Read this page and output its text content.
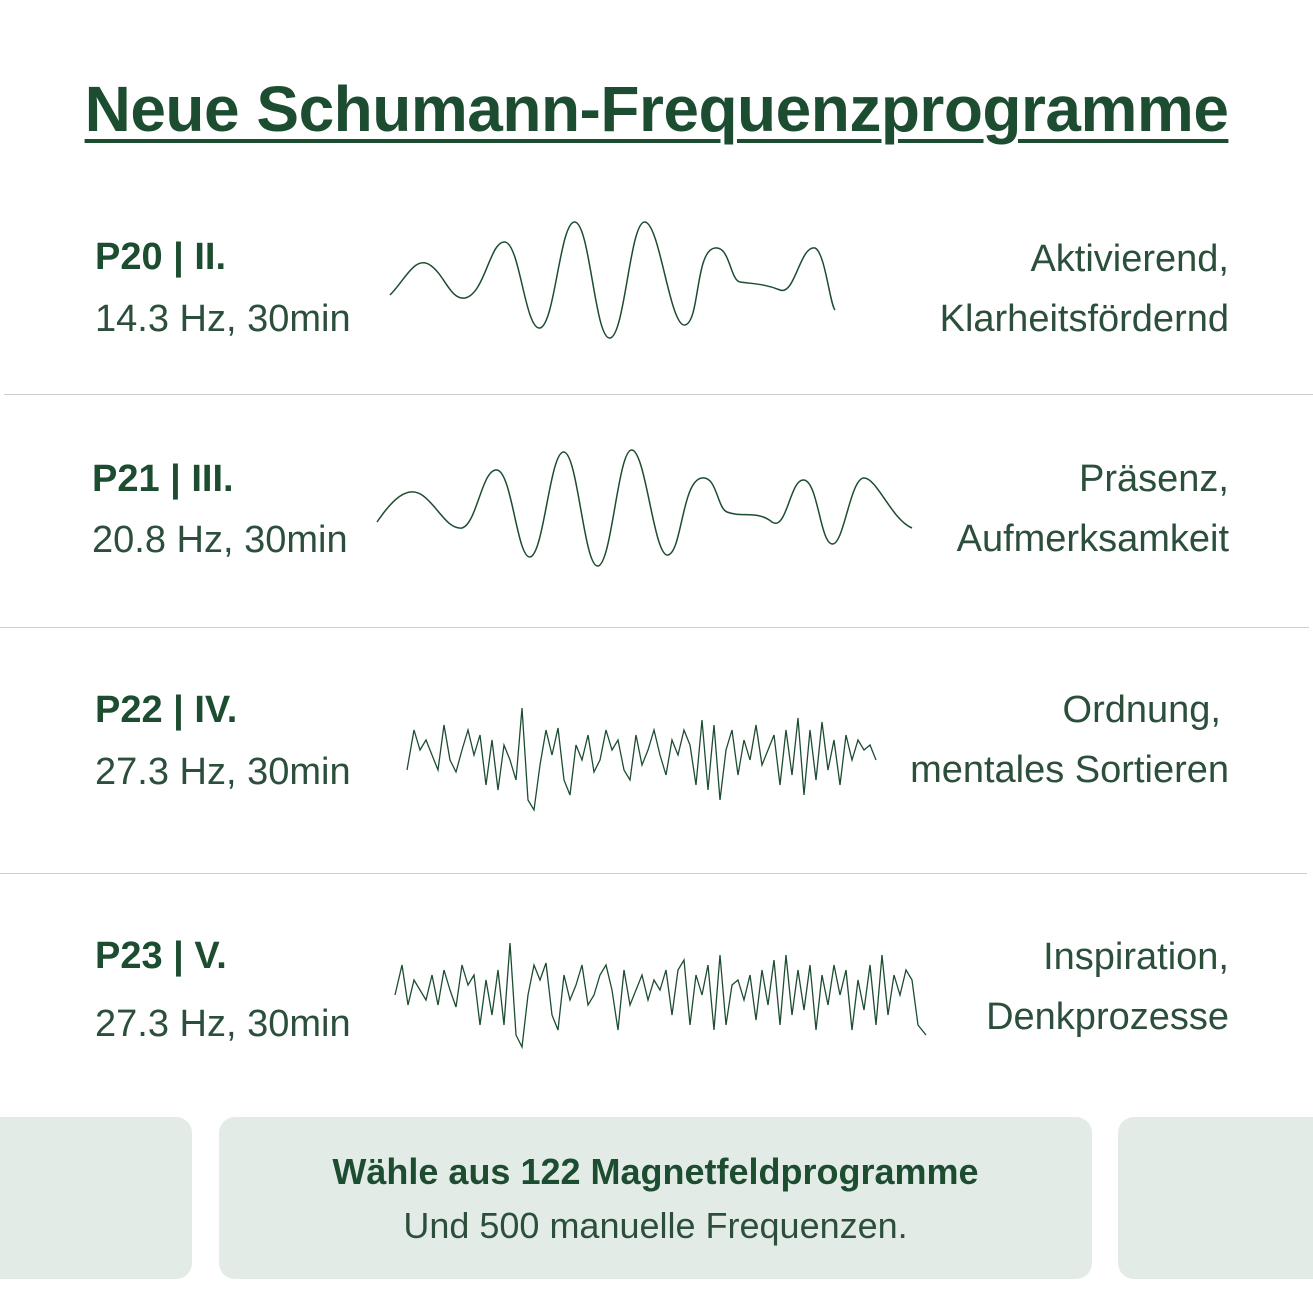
Neue Schumann-Frequenzprogramme
P20 | II.
14.3 Hz, 30min
Aktivierend,
Klarheitsfördernd
P21 | III.
20.8 Hz, 30min
Präsenz,
Aufmerksamkeit
P22 | IV.
27.3 Hz, 30min
Ordnung,
mentales Sortieren
P23 | V.
27.3 Hz, 30min
Inspiration,
Denkprozesse
Wähle aus 122 Magnetfeldprogramme
Und 500 manuelle Frequenzen.
